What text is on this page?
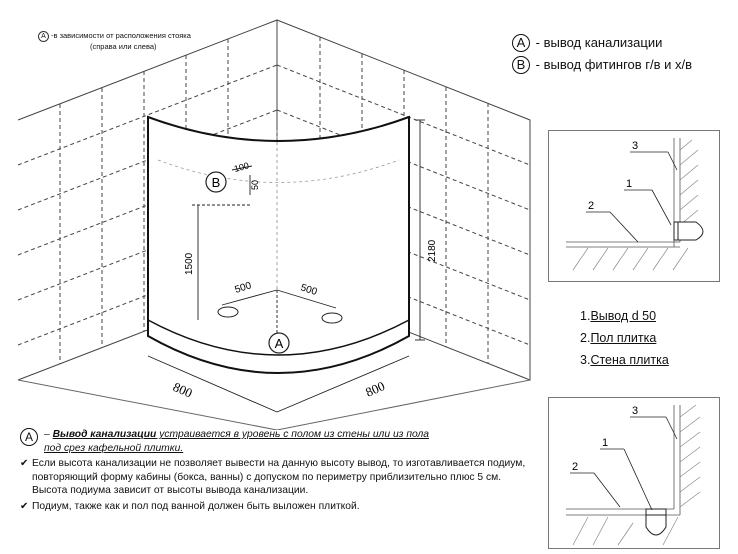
A -в зависимости от расположения стояка
(справа или слева)	A - вывод канализации
B - вывод фитингов г/в и х/в
B
A
100
50
1500
2180
500	500
800	800
3
1
2
1.Вывод d 50
2.Пол плитка
3.Стена плитка
3
1
2
A	– Вывод канализации устраивается в уровень с полом из стены или из пола
под срез кафельной плитки.
✔ Если высота канализации не позволяет вывести на данную высоту вывод, то изготавливается подиум, повторяющий форму кабины (бокса, ванны) с допуском по периметру приблизительно плюс 5 см. Высота подиума зависит от высоты вывода канализации.
✔ Подиум, также как и пол под ванной должен быть выложен плиткой.
